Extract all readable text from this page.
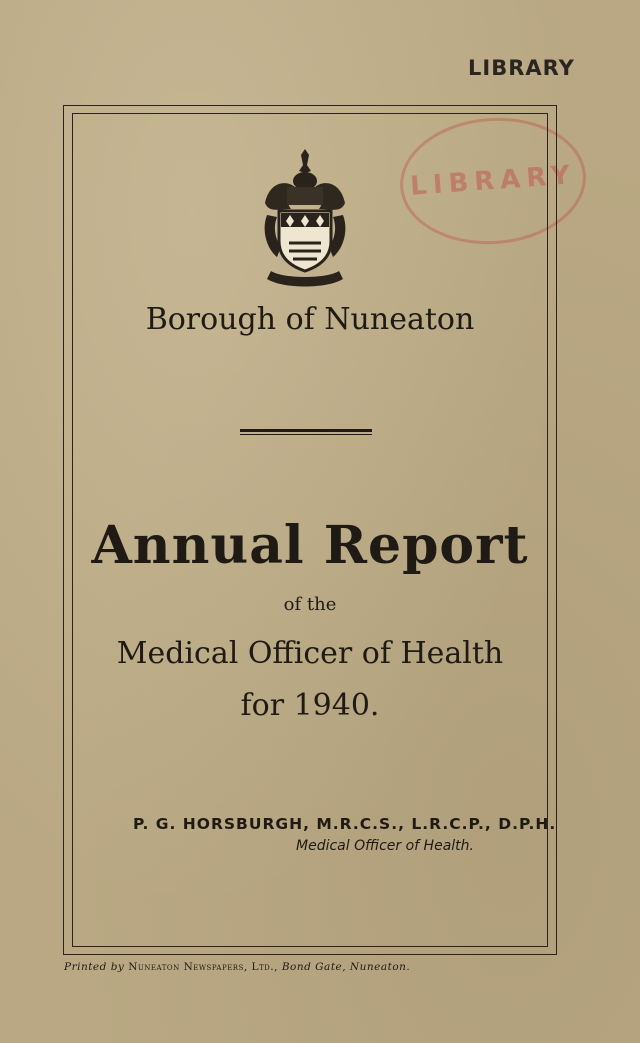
LIBRARY
LIBRARY
Borough of Nuneaton
Annual Report
of the
Medical Officer of Health
for 1940.
P. G. HORSBURGH, M.R.C.S., L.R.C.P., D.P.H.
Medical Officer of Health.
Printed by Nuneaton Newspapers, Ltd., Bond Gate, Nuneaton.
